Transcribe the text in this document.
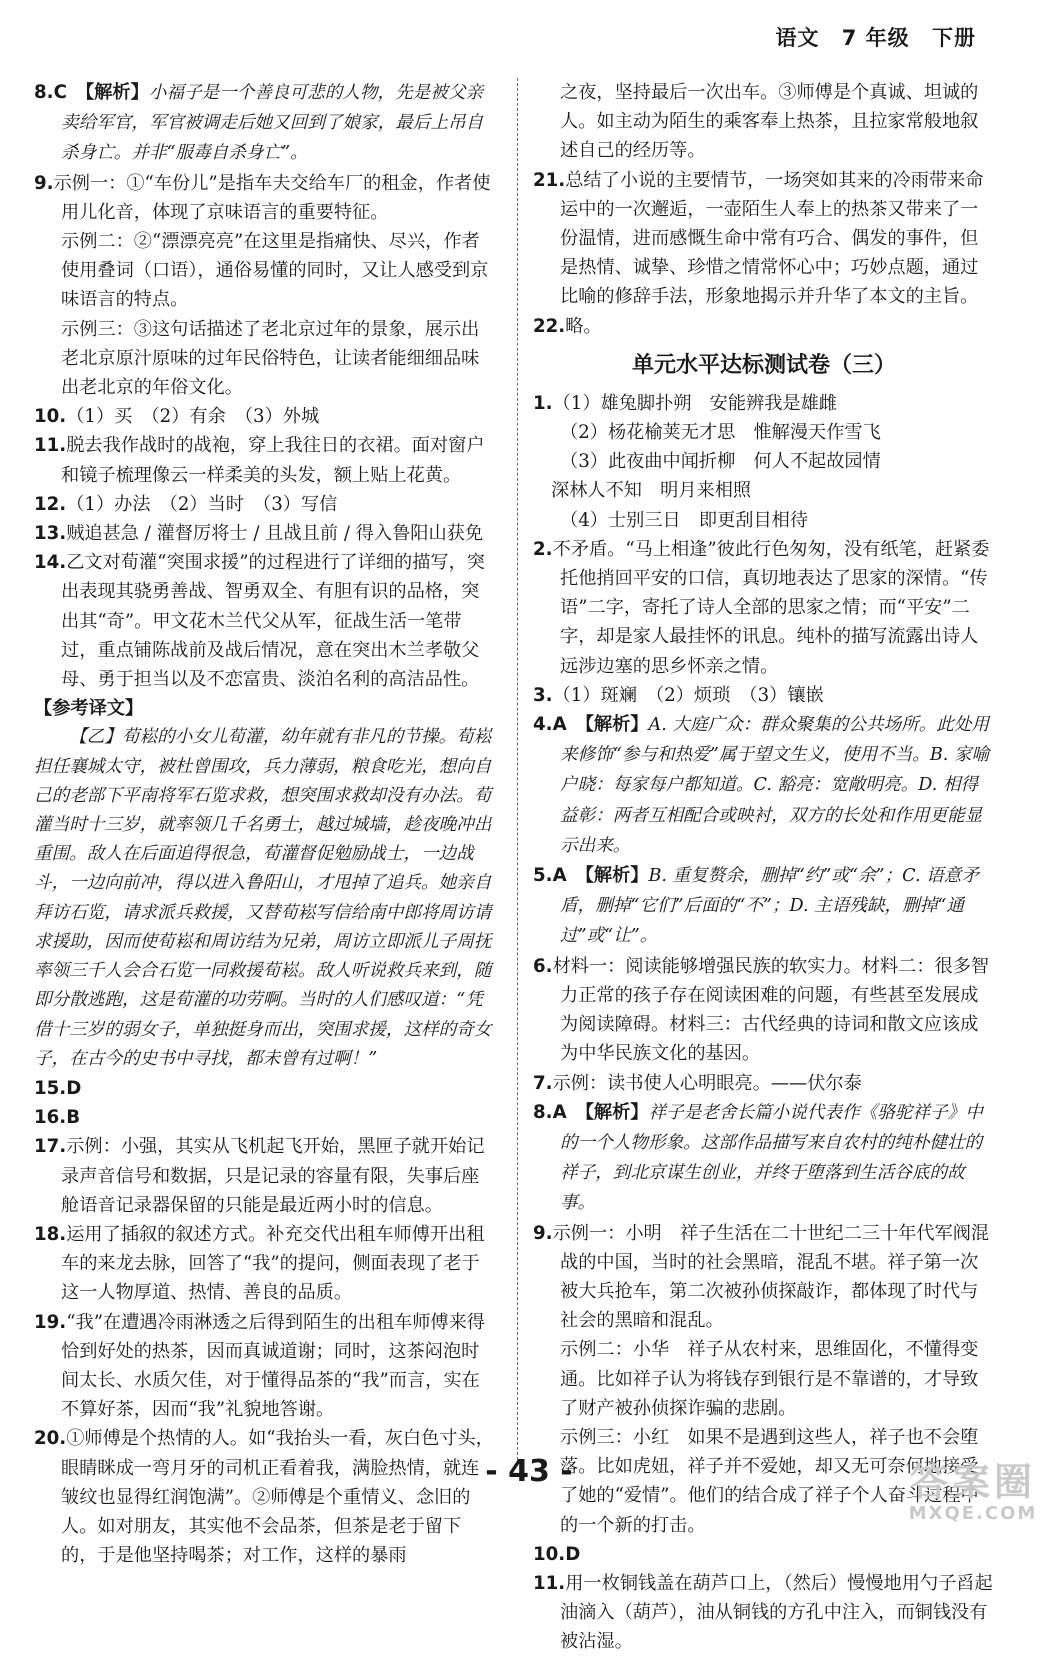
语文 7 年级 下册

8.C　【解析】小福子是一个善良可悲的人物，先是被父亲卖给军官，军官被调走后她又回到了娘家，最后上吊自杀身亡。并非“服毒自杀身亡”。

9.示例一：①“车份儿”是指车夫交给车厂的租金，作者使用儿化音，体现了京味语言的重要特征。

示例二：②“漂漂亮亮”在这里是指痛快、尽兴，作者使用叠词（口语），通俗易懂的同时，又让人感受到京味语言的特点。

示例三：③这句话描述了老北京过年的景象，展示出老北京原汁原味的过年民俗特色，让读者能细细品味出老北京的年俗文化。

10.（1）买　（2）有余　（3）外城

11.脱去我作战时的战袍，穿上我往日的衣裙。面对窗户和镜子梳理像云一样柔美的头发，额上贴上花黄。

12.（1）办法　（2）当时　（3）写信

13.贼追甚急 / 灌督厉将士 / 且战且前 / 得入鲁阳山获免

14.乙文对荀灌“突围求援”的过程进行了详细的描写，突出表现其骁勇善战、智勇双全、有胆有识的品格，突出其“奇”。甲文花木兰代父从军，征战生活一笔带过，重点铺陈战前及战后情况，意在突出木兰孝敬父母、勇于担当以及不恋富贵、淡泊名利的高洁品性。

【参考译文】

【乙】荀崧的小女儿荀灌，幼年就有非凡的节操。荀崧担任襄城太守，被杜曾围攻，兵力薄弱，粮食吃光，想向自己的老部下平南将军石览求救，想突围求救却没有办法。荀灌当时十三岁，就率领几千名勇士，越过城墙，趁夜晚冲出重围。敌人在后面追得很急，荀灌督促勉励战士，一边战斗，一边向前冲，得以进入鲁阳山，才甩掉了追兵。她亲自拜访石览，请求派兵救援，又替荀崧写信给南中郎将周访请求援助，因而使荀崧和周访结为兄弟，周访立即派儿子周抚率领三千人会合石览一同救援荀崧。敌人听说救兵来到，随即分散逃跑，这是荀灌的功劳啊。当时的人们感叹道：“凭借十三岁的弱女子，单独挺身而出，突围求援，这样的奇女子，在古今的史书中寻找，都未曾有过啊！”

15.D

16.B

17.示例：小强，其实从飞机起飞开始，黑匣子就开始记录声音信号和数据，只是记录的容量有限，失事后座舱语音记录器保留的只能是最近两小时的信息。

18.运用了插叙的叙述方式。补充交代出租车师傅开出租车的来龙去脉，回答了“我”的提问，侧面表现了老于这一人物厚道、热情、善良的品质。

19.“我”在遭遇冷雨淋透之后得到陌生的出租车师傅来得恰到好处的热茶，因而真诚道谢；同时，这茶闷泡时间太长、水质欠佳，对于懂得品茶的“我”而言，实在不算好茶，因而“我”礼貌地答谢。

20.①师傅是个热情的人。如“我抬头一看，灰白色寸头，眼睛眯成一弯月牙的司机正看着我，满脸热情，就连皱纹也显得红润饱满”。②师傅是个重情义、念旧的人。如对朋友，其实他不会品茶，但茶是老于留下的，于是他坚持喝茶；对工作，这样的暴雨

之夜，坚持最后一次出车。③师傅是个真诚、坦诚的人。如主动为陌生的乘客奉上热茶，且拉家常般地叙述自己的经历等。

21.总结了小说的主要情节，一场突如其来的冷雨带来命运中的一次邂逅，一壶陌生人奉上的热茶又带来了一份温情，进而感慨生命中常有巧合、偶发的事件，但是热情、诚挚、珍惜之情常怀心中；巧妙点题，通过比喻的修辞手法，形象地揭示并升华了本文的主旨。

22.略。

单元水平达标测试卷（三）

1.（1）雄兔脚扑朔　安能辨我是雄雌

（2）杨花榆荚无才思　惟解漫天作雪飞

（3）此夜曲中闻折柳　何人不起故园情

深林人不知　明月来相照

（4）士别三日　即更刮目相待

2.不矛盾。“马上相逢”彼此行色匆匆，没有纸笔，赶紧委托他捎回平安的口信，真切地表达了思家的深情。“传语”二字，寄托了诗人全部的思家之情；而“平安”二字，却是家人最挂怀的讯息。纯朴的描写流露出诗人远涉边塞的思乡怀亲之情。

3.（1）斑斓　（2）烦琐　（3）镶嵌

4.A　【解析】A. 大庭广众：群众聚集的公共场所。此处用来修饰“参与和热爱”属于望文生义，使用不当。B. 家喻户晓：每家每户都知道。C. 豁亮：宽敞明亮。D. 相得益彰：两者互相配合或映衬，双方的长处和作用更能显示出来。

5.A　【解析】B. 重复赘余，删掉“约”或“余”；C. 语意矛盾，删掉“它们”后面的“不”；D. 主语残缺，删掉“通过”或“让”。

6.材料一：阅读能够增强民族的软实力。材料二：很多智力正常的孩子存在阅读困难的问题，有些甚至发展成为阅读障碍。材料三：古代经典的诗词和散文应该成为中华民族文化的基因。

7.示例：读书使人心明眼亮。——伏尔泰

8.A　【解析】祥子是老舍长篇小说代表作《骆驼祥子》中的一个人物形象。这部作品描写来自农村的纯朴健壮的祥子，到北京谋生创业，并终于堕落到生活谷底的故事。

9.示例一：小明　祥子生活在二十世纪二三十年代军阀混战的中国，当时的社会黑暗，混乱不堪。祥子第一次被大兵抢车，第二次被孙侦探敲诈，都体现了时代与社会的黑暗和混乱。

示例二：小华　祥子从农村来，思维固化，不懂得变通。比如祥子认为将钱存到银行是不靠谱的，才导致了财产被孙侦探诈骗的悲剧。

示例三：小红　如果不是遇到这些人，祥子也不会堕落。比如虎妞，祥子并不爱她，却又无可奈何地接受了她的“爱情”。他们的结合成了祥子个人奋斗过程中的一个新的打击。

10.D

11.用一枚铜钱盖在葫芦口上，（然后）慢慢地用勺子舀起油滴入（葫芦），油从铜钱的方孔中注入，而铜钱没有被沾湿。

- 43 -	答案圈
MXQE.COM
